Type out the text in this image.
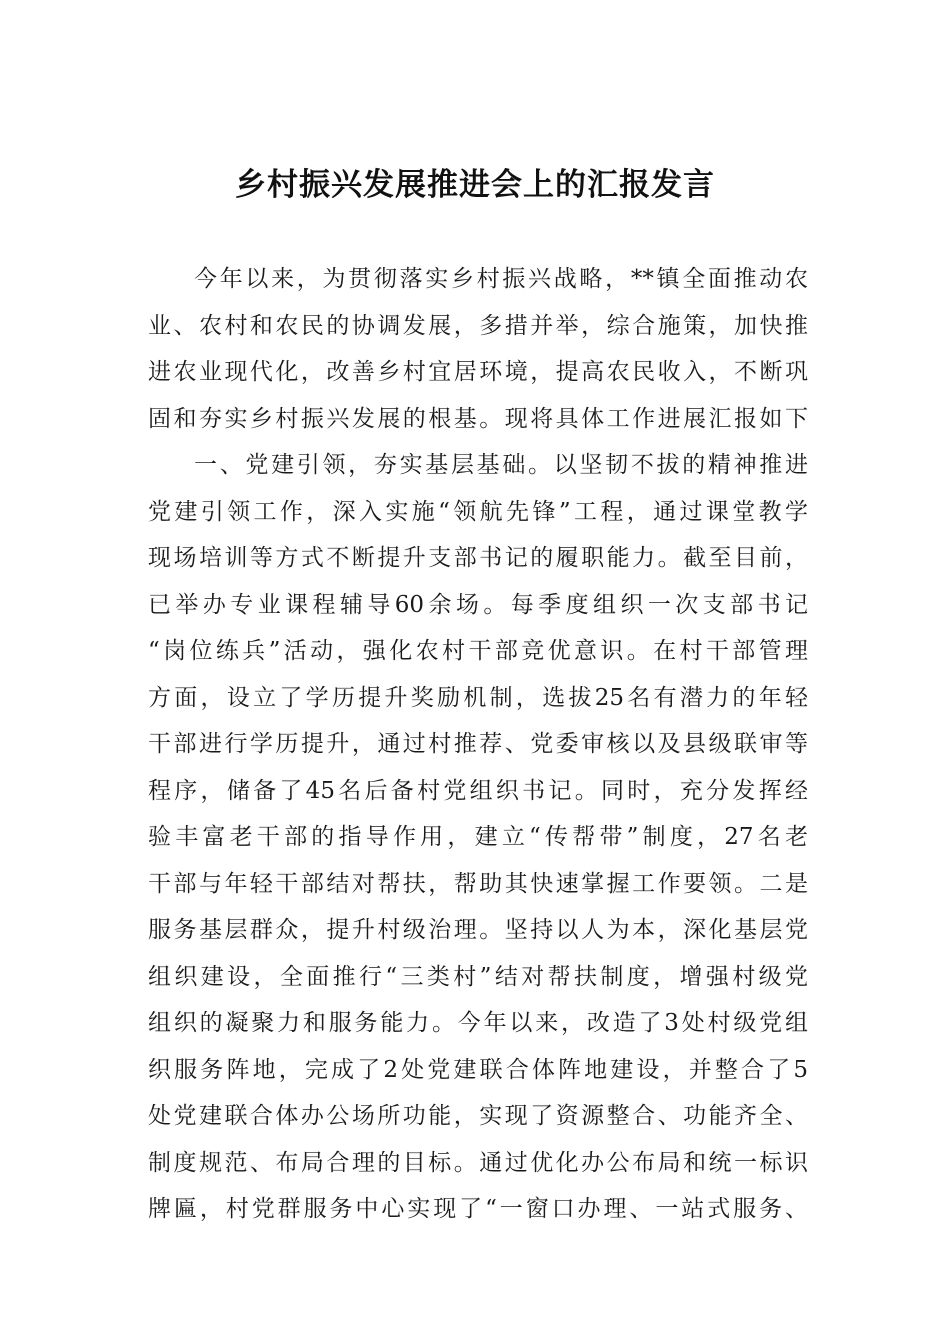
乡村振兴发展推进会上的汇报发言
今年以来，为贯彻落实乡村振兴战略，**镇全面推动农
业、农村和农民的协调发展，多措并举，综合施策，加快推
进农业现代化，改善乡村宜居环境，提高农民收入，不断巩
固和夯实乡村振兴发展的根基。现将具体工作进展汇报如下
一、党建引领，夯实基层基础。以坚韧不拔的精神推进
党建引领工作，深入实施“领航先锋”工程，通过课堂教学
现场培训等方式不断提升支部书记的履职能力。截至目前，
已举办专业课程辅导60余场。每季度组织一次支部书记
“岗位练兵”活动，强化农村干部竞优意识。在村干部管理
方面，设立了学历提升奖励机制，选拔25名有潜力的年轻
干部进行学历提升，通过村推荐、党委审核以及县级联审等
程序，储备了45名后备村党组织书记。同时，充分发挥经
验丰富老干部的指导作用，建立“传帮带”制度，27名老
干部与年轻干部结对帮扶，帮助其快速掌握工作要领。二是
服务基层群众，提升村级治理。坚持以人为本，深化基层党
组织建设，全面推行“三类村”结对帮扶制度，增强村级党
组织的凝聚力和服务能力。今年以来，改造了3处村级党组
织服务阵地，完成了2处党建联合体阵地建设，并整合了5
处党建联合体办公场所功能，实现了资源整合、功能齐全、
制度规范、布局合理的目标。通过优化办公布局和统一标识
牌匾，村党群服务中心实现了“一窗口办理、一站式服务、
